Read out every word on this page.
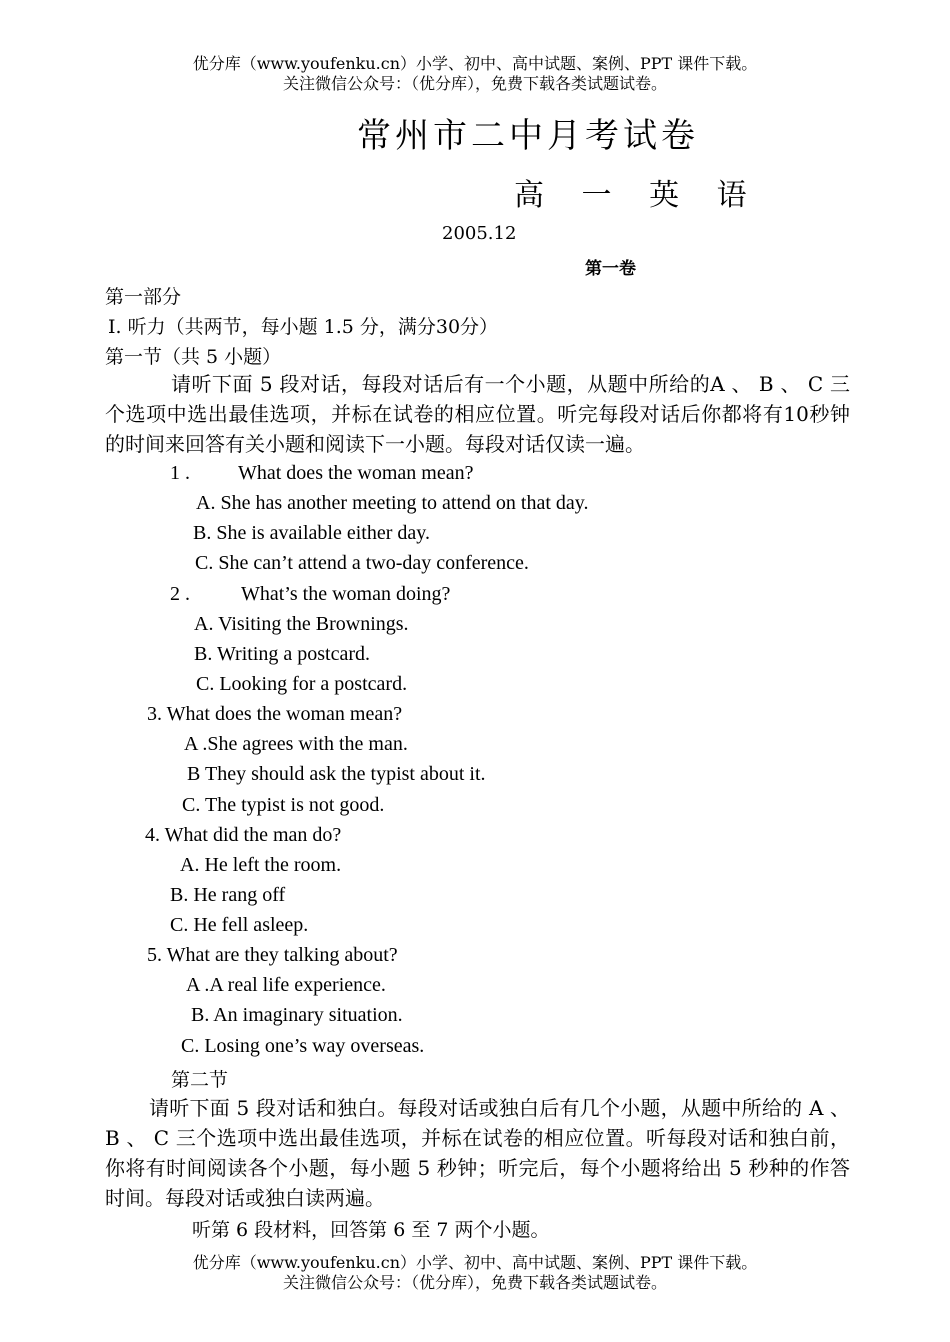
优分库（www.youfenku.cn）小学、初中、高中试题、案例、PPT 课件下载。
关注微信公众号：（优分库），免费下载各类试题试卷。
常州市二中月考试卷
高 一 英 语
2005.12
第一卷
第一部分
I. 听力（共两节，每小题 1.5 分，满分30分）
第一节（共 5 小题）
请听下面 5 段对话，每段对话后有一个小题，从题中所给的A 、 B 、 C 三个选项中选出最佳选项，并标在试卷的相应位置。听完每段对话后你都将有10秒钟的时间来回答有关小题和阅读下一小题。每段对话仅读一遍。
1 . What does the woman mean?
A. She has another meeting to attend on that day.
B. She is available either day.
C. She can’t attend a two-day conference.
2 .	What’s the woman doing?
A. Visiting the Brownings.
B. Writing a postcard.
C. Looking for a postcard.
3. What does the woman mean?
A .She agrees with the man.
B They should ask the typist about it.
C. The typist is not good.
4. What did the man do?
A. He left the room.
B. He rang off
C. He fell asleep.
5. What are they talking about?
A .A real life experience.
B. An imaginary situation.
C. Losing one’s way overseas.
第二节
请听下面 5 段对话和独白。每段对话或独白后有几个小题，从题中所给的 A 、 B 、 C 三个选项中选出最佳选项，并标在试卷的相应位置。听每段对话和独白前，你将有时间阅读各个小题，每小题 5 秒钟；听完后，每个小题将给出 5 秒种的作答时间。每段对话或独白读两遍。
听第 6 段材料，回答第 6 至 7 两个小题。
优分库（www.youfenku.cn）小学、初中、高中试题、案例、PPT 课件下载。
关注微信公众号：（优分库），免费下载各类试题试卷。
